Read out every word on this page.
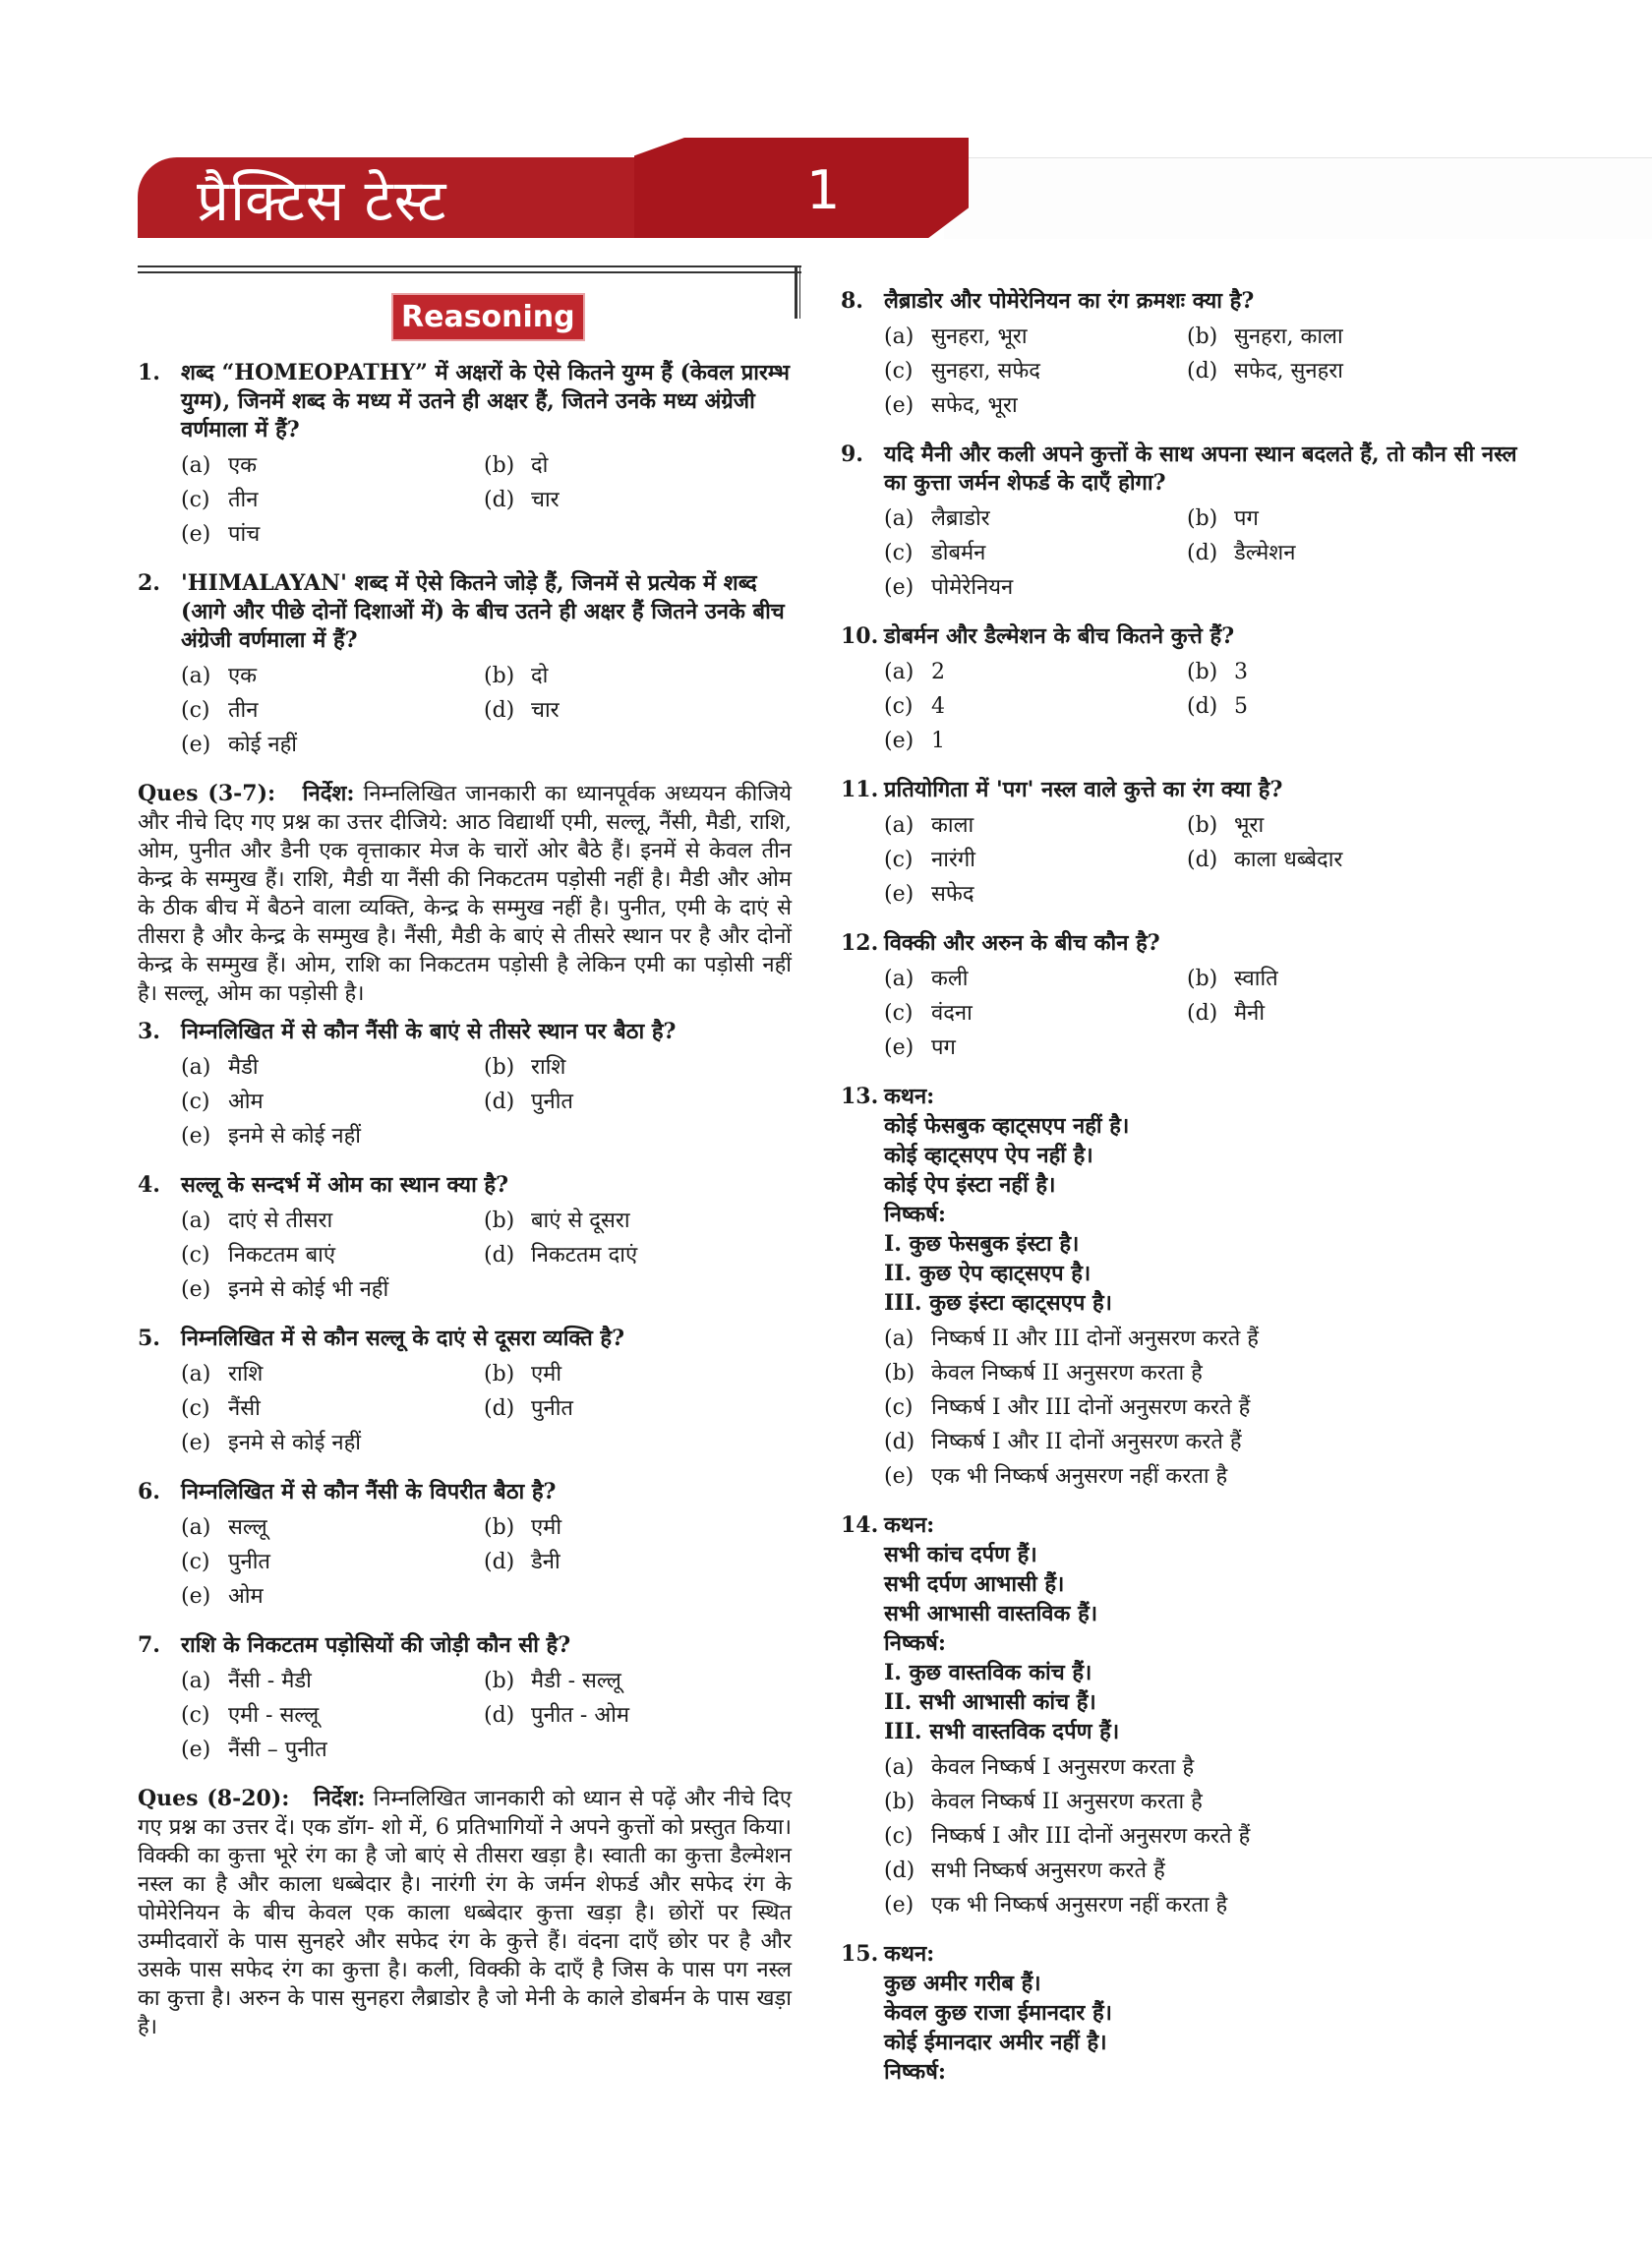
प्रैक्टिस टेस्ट	1
Reasoning
1. शब्द “HOMEOPATHY” में अक्षरों के ऐसे कितने युग्म हैं (केवल प्रारम्भ युग्म), जिनमें शब्द के मध्य में उतने ही अक्षर हैं, जितने उनके मध्य अंग्रेजी वर्णमाला में हैं?
(a) एक	(b) दो
(c) तीन	(d) चार
(e) पांच
2. 'HIMALAYAN' शब्द में ऐसे कितने जोड़े हैं, जिनमें से प्रत्येक में शब्द (आगे और पीछे दोनों दिशाओं में) के बीच उतने ही अक्षर हैं जितने उनके बीच अंग्रेजी वर्णमाला में हैं?
(a) एक	(b) दो
(c) तीन	(d) चार
(e) कोई नहीं
Ques (3-7): निर्देश: निम्नलिखित जानकारी का ध्यानपूर्वक अध्ययन कीजिये और नीचे दिए गए प्रश्न का उत्तर दीजिये: आठ विद्यार्थी एमी, सल्लू, नैंसी, मैडी, राशि, ओम, पुनीत और डैनी एक वृत्ताकार मेज के चारों ओर बैठे हैं। इनमें से केवल तीन केन्द्र के सम्मुख हैं। राशि, मैडी या नैंसी की निकटतम पड़ोसी नहीं है। मैडी और ओम के ठीक बीच में बैठने वाला व्यक्ति, केन्द्र के सम्मुख नहीं है। पुनीत, एमी के दाएं से तीसरा है और केन्द्र के सम्मुख है। नैंसी, मैडी के बाएं से तीसरे स्थान पर है और दोनों केन्द्र के सम्मुख हैं। ओम, राशि का निकटतम पड़ोसी है लेकिन एमी का पड़ोसी नहीं है। सल्लू, ओम का पड़ोसी है।
3. निम्नलिखित में से कौन नैंसी के बाएं से तीसरे स्थान पर बैठा है?
(a) मैडी	(b) राशि
(c) ओम	(d) पुनीत
(e) इनमे से कोई नहीं
4. सल्लू के सन्दर्भ में ओम का स्थान क्या है?
(a) दाएं से तीसरा	(b) बाएं से दूसरा
(c) निकटतम बाएं	(d) निकटतम दाएं
(e) इनमे से कोई भी नहीं
5. निम्नलिखित में से कौन सल्लू के दाएं से दूसरा व्यक्ति है?
(a) राशि	(b) एमी
(c) नैंसी	(d) पुनीत
(e) इनमे से कोई नहीं
6. निम्नलिखित में से कौन नैंसी के विपरीत बैठा है?
(a) सल्लू	(b) एमी
(c) पुनीत	(d) डैनी
(e) ओम
7. राशि के निकटतम पड़ोसियों की जोड़ी कौन सी है?
(a) नैंसी - मैडी	(b) मैडी - सल्लू
(c) एमी - सल्लू	(d) पुनीत - ओम
(e) नैंसी – पुनीत
Ques (8-20): निर्देश: निम्नलिखित जानकारी को ध्यान से पढ़ें और नीचे दिए गए प्रश्न का उत्तर दें। एक डॉग- शो में, 6 प्रतिभागियों ने अपने कुत्तों को प्रस्तुत किया। विक्की का कुत्ता भूरे रंग का है जो बाएं से तीसरा खड़ा है। स्वाती का कुत्ता डैल्मेशन नस्ल का है और काला धब्बेदार है। नारंगी रंग के जर्मन शेफर्ड और सफेद रंग के पोमेरेनियन के बीच केवल एक काला धब्बेदार कुत्ता खड़ा है। छोरों पर स्थित उम्मीदवारों के पास सुनहरे और सफेद रंग के कुत्ते हैं। वंदना दाएँ छोर पर है और उसके पास सफेद रंग का कुत्ता है। कली, विक्की के दाएँ है जिस के पास पग नस्ल का कुत्ता है। अरुन के पास सुनहरा लैब्राडोर है जो मेनी के काले डोबर्मन के पास खड़ा है।
8. लैब्राडोर और पोमेरेनियन का रंग क्रमशः क्या है?
(a) सुनहरा, भूरा	(b) सुनहरा, काला
(c) सुनहरा, सफेद	(d) सफेद, सुनहरा
(e) सफेद, भूरा
9. यदि मैनी और कली अपने कुत्तों के साथ अपना स्थान बदलते हैं, तो कौन सी नस्ल का कुत्ता जर्मन शेफर्ड के दाएँ होगा?
(a) लैब्राडोर	(b) पग
(c) डोबर्मन	(d) डैल्मेशन
(e) पोमेरेनियन
10. डोबर्मन और डैल्मेशन के बीच कितने कुत्ते हैं?
(a) 2	(b) 3
(c) 4	(d) 5
(e) 1
11. प्रतियोगिता में 'पग' नस्ल वाले कुत्ते का रंग क्या है?
(a) काला	(b) भूरा
(c) नारंगी	(d) काला धब्बेदार
(e) सफेद
12. विक्की और अरुन के बीच कौन है?
(a) कली	(b) स्वाति
(c) वंदना	(d) मैनी
(e) पग
13. कथन:
कोई फेसबुक व्हाट्सएप नहीं है।
कोई व्हाट्सएप ऐप नहीं है।
कोई ऐप इंस्टा नहीं है।
निष्कर्ष:
I. कुछ फेसबुक इंस्टा है।
II. कुछ ऐप व्हाट्सएप है।
III. कुछ इंस्टा व्हाट्सएप है।
(a) निष्कर्ष II और III दोनों अनुसरण करते हैं
(b) केवल निष्कर्ष II अनुसरण करता है
(c) निष्कर्ष I और III दोनों अनुसरण करते हैं
(d) निष्कर्ष I और II दोनों अनुसरण करते हैं
(e) एक भी निष्कर्ष अनुसरण नहीं करता है
14. कथन:
सभी कांच दर्पण हैं।
सभी दर्पण आभासी हैं।
सभी आभासी वास्तविक हैं।
निष्कर्ष:
I. कुछ वास्तविक कांच हैं।
II. सभी आभासी कांच हैं।
III. सभी वास्तविक दर्पण हैं।
(a) केवल निष्कर्ष I अनुसरण करता है
(b) केवल निष्कर्ष II अनुसरण करता है
(c) निष्कर्ष I और III दोनों अनुसरण करते हैं
(d) सभी निष्कर्ष अनुसरण करते हैं
(e) एक भी निष्कर्ष अनुसरण नहीं करता है
15. कथन:
कुछ अमीर गरीब हैं।
केवल कुछ राजा ईमानदार हैं।
कोई ईमानदार अमीर नहीं है।
निष्कर्ष:
